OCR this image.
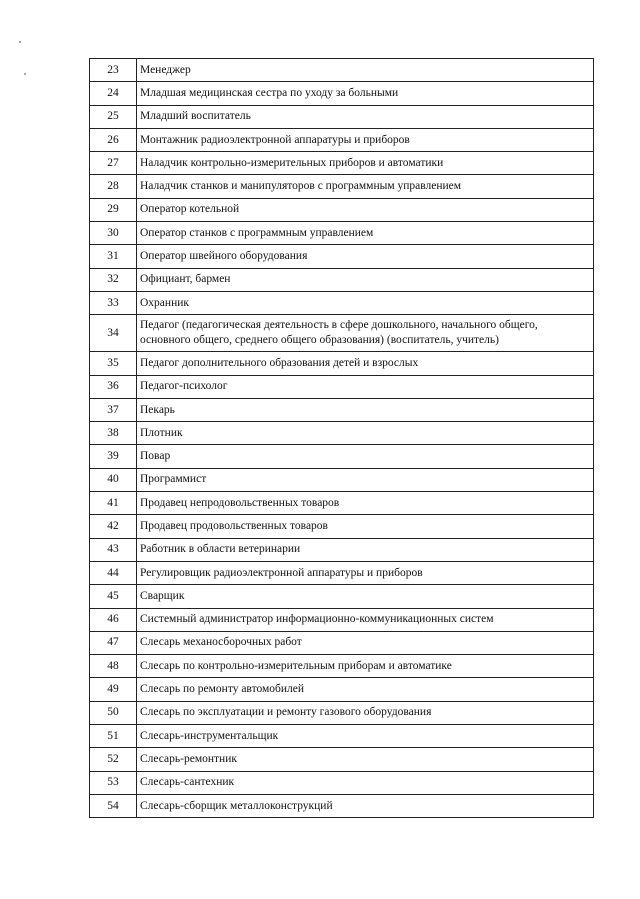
23	Менеджер
24	Младшая медицинская сестра по уходу за больными
25	Младший воспитатель
26	Монтажник радиоэлектронной аппаратуры и приборов
27	Наладчик контрольно-измерительных приборов и автоматики
28	Наладчик станков и манипуляторов с программным управлением
29	Оператор котельной
30	Оператор станков с программным управлением
31	Оператор швейного оборудования
32	Официант, бармен
33	Охранник
34	Педагог (педагогическая деятельность в сфере дошкольного, начального общего, основного общего, среднего общего образования) (воспитатель, учитель)
35	Педагог дополнительного образования детей и взрослых
36	Педагог-психолог
37	Пекарь
38	Плотник
39	Повар
40	Программист
41	Продавец непродовольственных товаров
42	Продавец продовольственных товаров
43	Работник в области ветеринарии
44	Регулировщик радиоэлектронной аппаратуры и приборов
45	Сварщик
46	Системный администратор информационно-коммуникационных систем
47	Слесарь механосборочных работ
48	Слесарь по контрольно-измерительным приборам и автоматике
49	Слесарь по ремонту автомобилей
50	Слесарь по эксплуатации и ремонту газового оборудования
51	Слесарь-инструментальщик
52	Слесарь-ремонтник
53	Слесарь-сантехник
54	Слесарь-сборщик металлоконструкций
